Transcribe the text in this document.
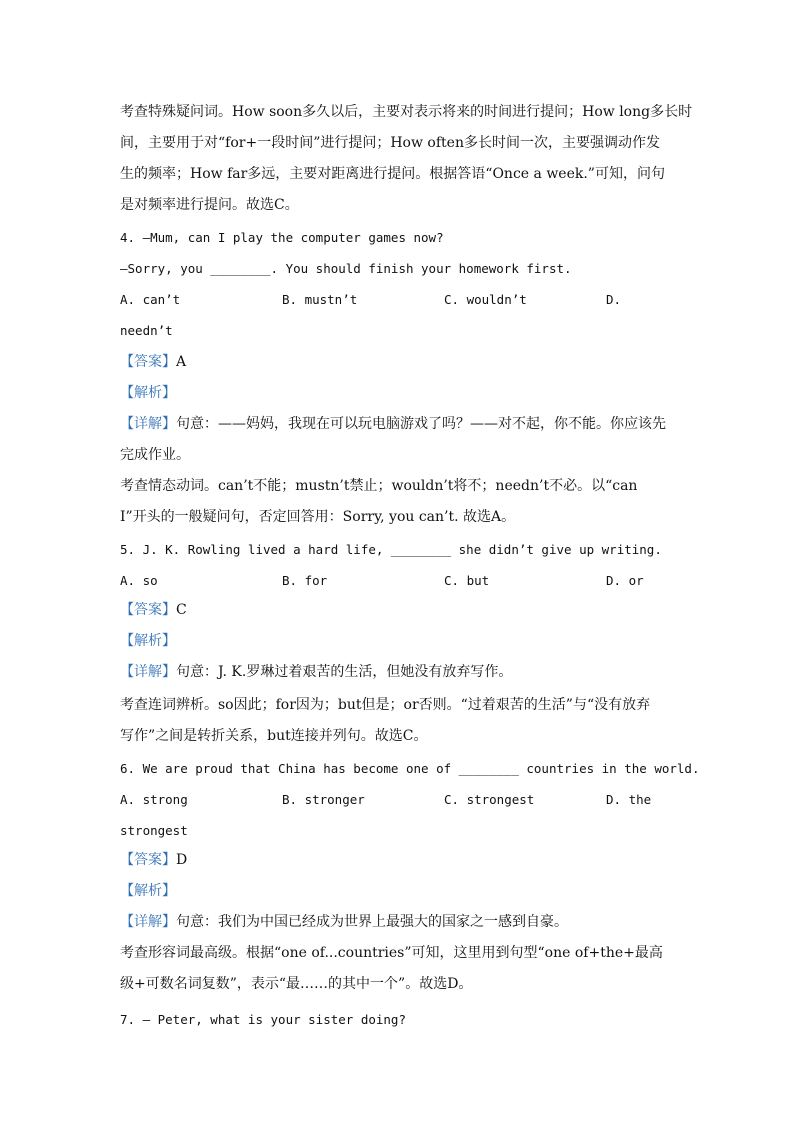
考查特殊疑问词。How soon多久以后，主要对表示将来的时间进行提问；How long多长时
间，主要用于对“for+一段时间”进行提问；How often多长时间一次，主要强调动作发
生的频率；How far多远，主要对距离进行提问。根据答语“Once a week.”可知，问句
是对频率进行提问。故选C。
4. —Mum, can I play the computer games now?
—Sorry, you ________. You should finish your homework first.
A. can’t	B. mustn’t	C. wouldn’t	D.
needn’t
【答案】A
【解析】
【详解】句意：——妈妈，我现在可以玩电脑游戏了吗？——对不起，你不能。你应该先
完成作业。
考查情态动词。can’t不能；mustn’t禁止；wouldn’t将不；needn’t不必。以“can
I”开头的一般疑问句，否定回答用：Sorry, you can’t. 故选A。
5. J. K. Rowling lived a hard life, ________ she didn’t give up writing.
A. so	B. for	C. but	D. or
【答案】C
【解析】
【详解】句意：J. K.罗琳过着艰苦的生活，但她没有放弃写作。
考查连词辨析。so因此；for因为；but但是；or否则。“过着艰苦的生活”与“没有放弃
写作”之间是转折关系，but连接并列句。故选C。
6. We are proud that China has become one of ________ countries in the world.
A. strong	B. stronger	C. strongest	D. the
strongest
【答案】D
【解析】
【详解】句意：我们为中国已经成为世界上最强大的国家之一感到自豪。
考查形容词最高级。根据“one of...countries”可知，这里用到句型“one of+the+最高
级+可数名词复数”，表示“最……的其中一个”。故选D。
7. — Peter, what is your sister doing?
